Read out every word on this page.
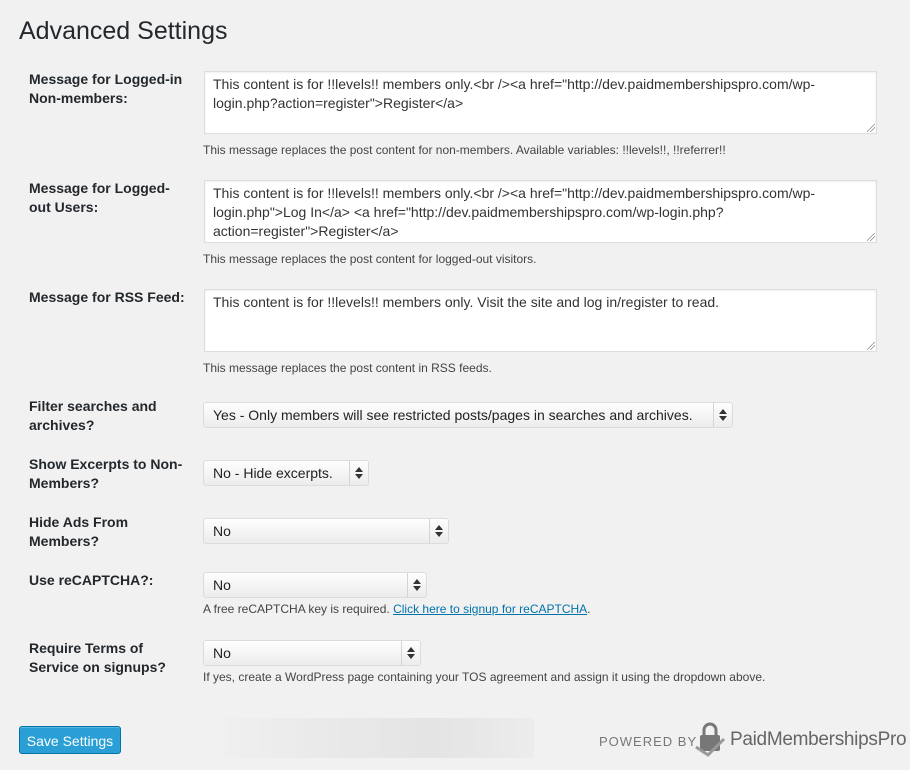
Advanced Settings
Message for Logged-in Non-members:
This content is for !!levels!! members only.<br /><a href="http://dev.paidmembershipspro.com/wp-login.php?action=register">Register</a>
This message replaces the post content for non-members. Available variables: !!levels!!, !!referrer!!
Message for Logged-out Users:
This content is for !!levels!! members only.<br /><a href="http://dev.paidmembershipspro.com/wp-login.php">Log In</a> <a href="http://dev.paidmembershipspro.com/wp-login.php?action=register">Register</a>
This message replaces the post content for logged-out visitors.
Message for RSS Feed:	This content is for !!levels!! members only. Visit the site and log in/register to read.
This message replaces the post content in RSS feeds.
Filter searches and archives?
Yes - Only members will see restricted posts/pages in searches and archives.
Show Excerpts to Non-Members?
No - Hide excerpts.
Hide Ads From Members?
No
Use reCAPTCHA?:	No
A free reCAPTCHA key is required. Click here to signup for reCAPTCHA.
Require Terms of Service on signups?
No
If yes, create a WordPress page containing your TOS agreement and assign it using the dropdown above.
Save Settings	POWERED BY PaidMembershipsPro
